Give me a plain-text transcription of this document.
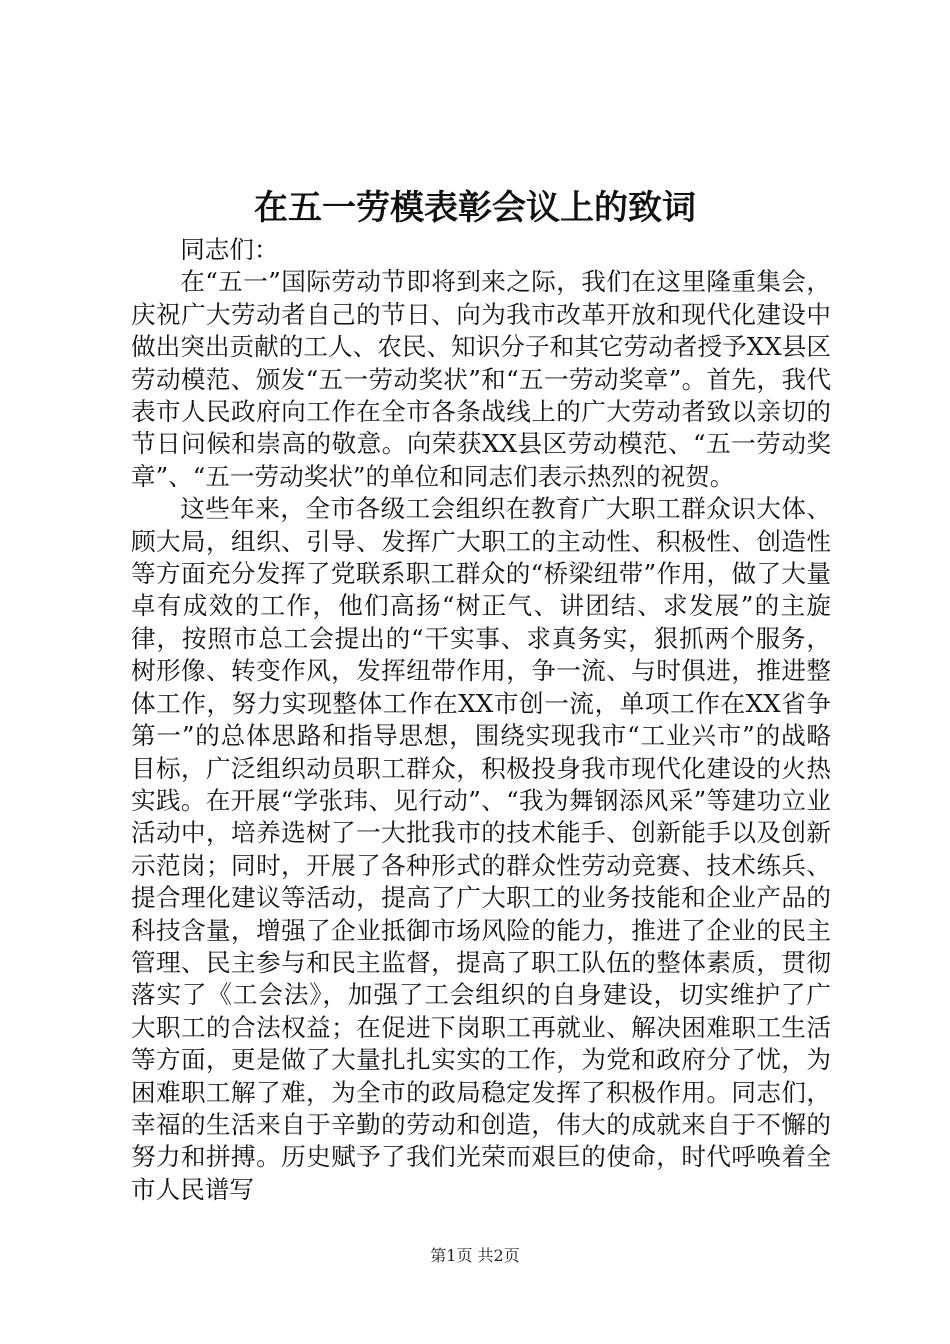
在五一劳模表彰会议上的致词

同志们：

在“五一”国际劳动节即将到来之际，我们在这里隆重集会，庆祝广大劳动者自己的节日、向为我市改革开放和现代化建设中做出突出贡献的工人、农民、知识分子和其它劳动者授予XX县区劳动模范、颁发“五一劳动奖状”和“五一劳动奖章”。首先，我代表市人民政府向工作在全市各条战线上的广大劳动者致以亲切的节日问候和崇高的敬意。向荣获XX县区劳动模范、“五一劳动奖章”、“五一劳动奖状”的单位和同志们表示热烈的祝贺。

这些年来，全市各级工会组织在教育广大职工群众识大体、顾大局，组织、引导、发挥广大职工的主动性、积极性、创造性等方面充分发挥了党联系职工群众的“桥梁纽带”作用，做了大量卓有成效的工作，他们高扬“树正气、讲团结、求发展”的主旋律，按照市总工会提出的“干实事、求真务实，狠抓两个服务，树形像、转变作风，发挥纽带作用，争一流、与时俱进，推进整体工作，努力实现整体工作在XX市创一流，单项工作在XX省争第一”的总体思路和指导思想，围绕实现我市“工业兴市”的战略目标，广泛组织动员职工群众，积极投身我市现代化建设的火热实践。在开展“学张玮、见行动”、“我为舞钢添风采”等建功立业活动中，培养选树了一大批我市的技术能手、创新能手以及创新示范岗；同时，开展了各种形式的群众性劳动竞赛、技术练兵、提合理化建议等活动，提高了广大职工的业务技能和企业产品的科技含量，增强了企业抵御市场风险的能力，推进了企业的民主管理、民主参与和民主监督，提高了职工队伍的整体素质，贯彻落实了《工会法》，加强了工会组织的自身建设，切实维护了广大职工的合法权益；在促进下岗职工再就业、解决困难职工生活等方面，更是做了大量扎扎实实的工作，为党和政府分了忧，为困难职工解了难，为全市的政局稳定发挥了积极作用。同志们，幸福的生活来自于辛勤的劳动和创造，伟大的成就来自于不懈的努力和拼搏。历史赋予了我们光荣而艰巨的使命，时代呼唤着全市人民谱写

第1页 共2页
